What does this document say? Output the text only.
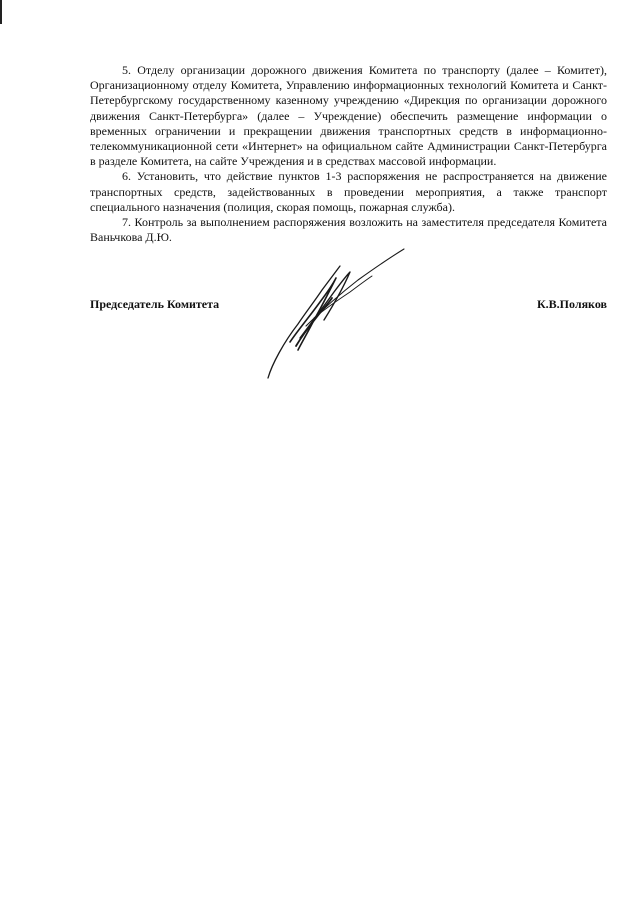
5. Отделу организации дорожного движения Комитета по транспорту (далее – Комитет), Организационному отделу Комитета, Управлению информационных технологий Комитета и Санкт-Петербургскому государственному казенному учреждению «Дирекция по организации дорожного движения Санкт-Петербурга» (далее – Учреждение) обеспечить размещение информации о временных ограничении и прекращении движения транспортных средств в информационно-телекоммуникационной сети «Интернет» на официальном сайте Администрации Санкт-Петербурга в разделе Комитета, на сайте Учреждения и в средствах массовой информации.

6. Установить, что действие пунктов 1-3 распоряжения не распространяется на движение транспортных средств, задействованных в проведении мероприятия, а также транспорт специального назначения (полиция, скорая помощь, пожарная служба).

7. Контроль за выполнением распоряжения возложить на заместителя председателя Комитета Ваньчкова Д.Ю.

Председатель Комитета	К.В.Поляков
